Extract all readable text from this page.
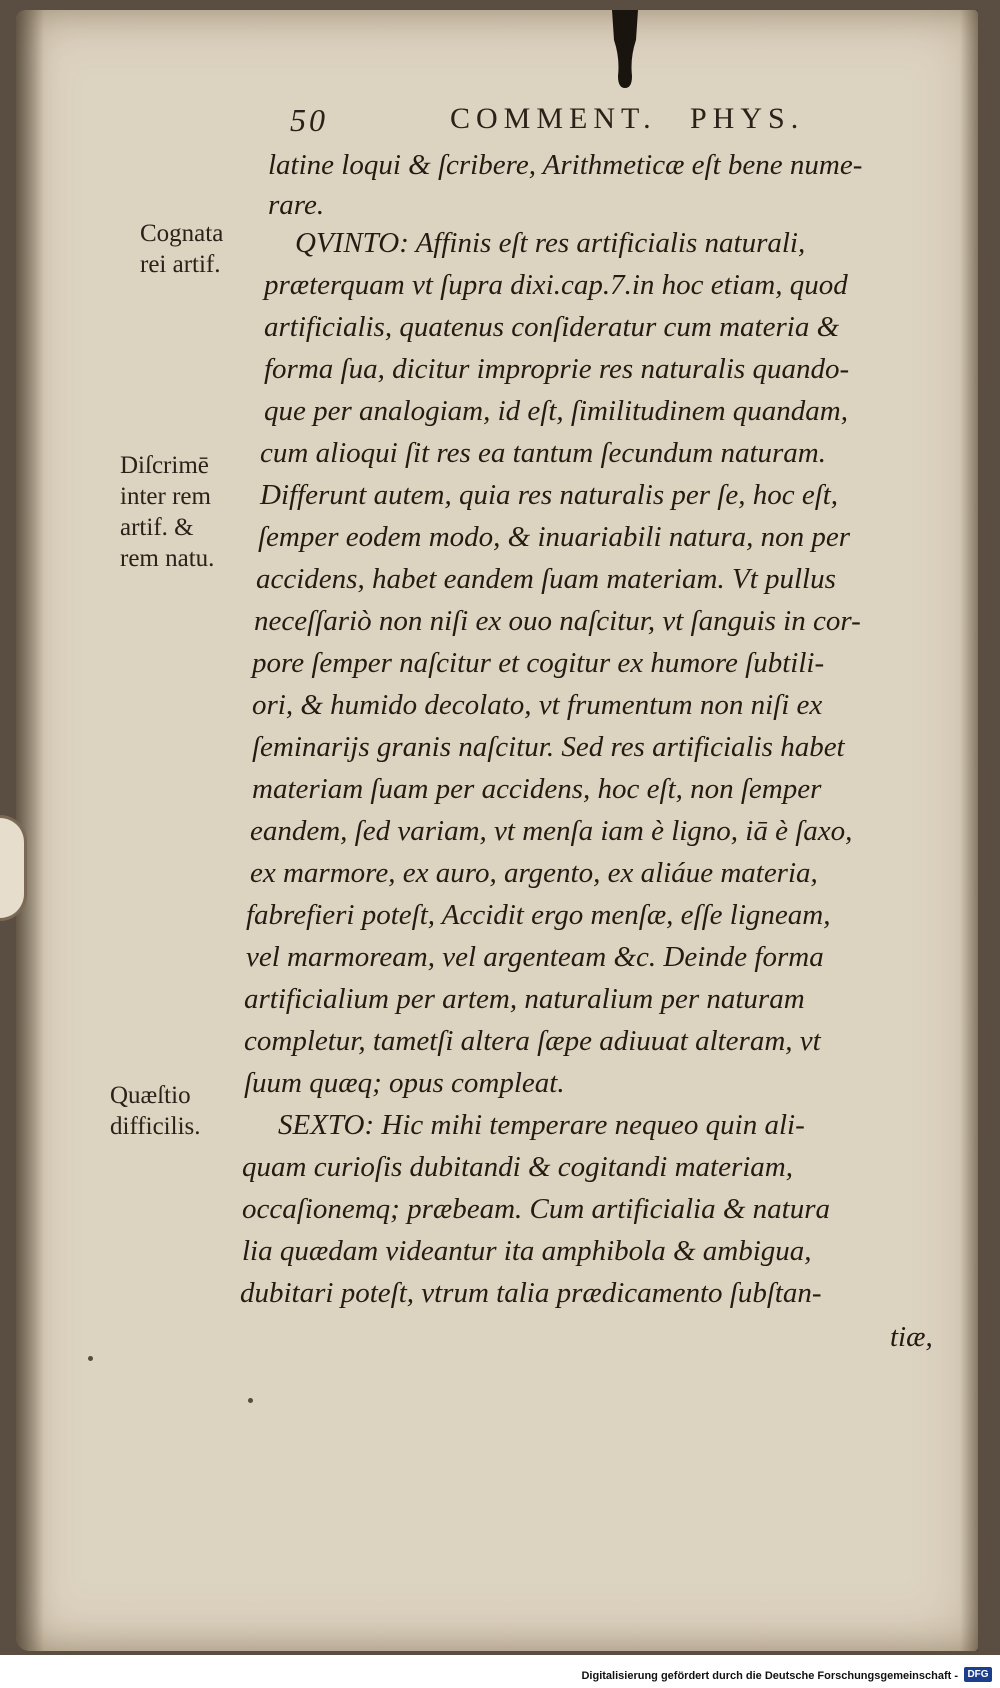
50	COMMENT. PHYS.
Cognata
rei artif.
Diſcrimē
inter rem
artif. &
rem natu.
Quæſtio
difficilis.
latine loqui & ſcribere, Arithmeticæ eſt bene nume-
rare.
QVINTO: Affinis eſt res artificialis naturali,
præterquam vt ſupra dixi.cap.7.in hoc etiam, quod
artificialis, quatenus conſideratur cum materia &
forma ſua, dicitur improprie res naturalis quando-
que per analogiam, id eſt, ſimilitudinem quandam,
cum alioqui ſit res ea tantum ſecundum naturam.
Differunt autem, quia res naturalis per ſe, hoc eſt,
ſemper eodem modo, & inuariabili natura, non per
accidens, habet eandem ſuam materiam. Vt pullus
neceſſariò non niſi ex ouo naſcitur, vt ſanguis in cor-
pore ſemper naſcitur et cogitur ex humore ſubtili-
ori, & humido decolato, vt frumentum non niſi ex
ſeminarijs granis naſcitur. Sed res artificialis habet
materiam ſuam per accidens, hoc eſt, non ſemper
eandem, ſed variam, vt menſa iam è ligno, iā è ſaxo,
ex marmore, ex auro, argento, ex aliáue materia,
fabrefieri poteſt, Accidit ergo menſæ, eſſe ligneam,
vel marmoream, vel argenteam &c. Deinde forma
artificialium per artem, naturalium per naturam
completur, tametſi altera ſæpe adiuuat alteram, vt
ſuum quæq; opus compleat.
SEXTO: Hic mihi temperare nequeo quin ali-
quam curioſis dubitandi & cogitandi materiam,
occaſionemq; præbeam. Cum artificialia & natura
lia quædam videantur ita amphibola & ambigua,
dubitari poteſt, vtrum talia prædicamento ſubſtan-
tiæ,
Digitalisierung gefördert durch die Deutsche Forschungsgemeinschaft - DFG
